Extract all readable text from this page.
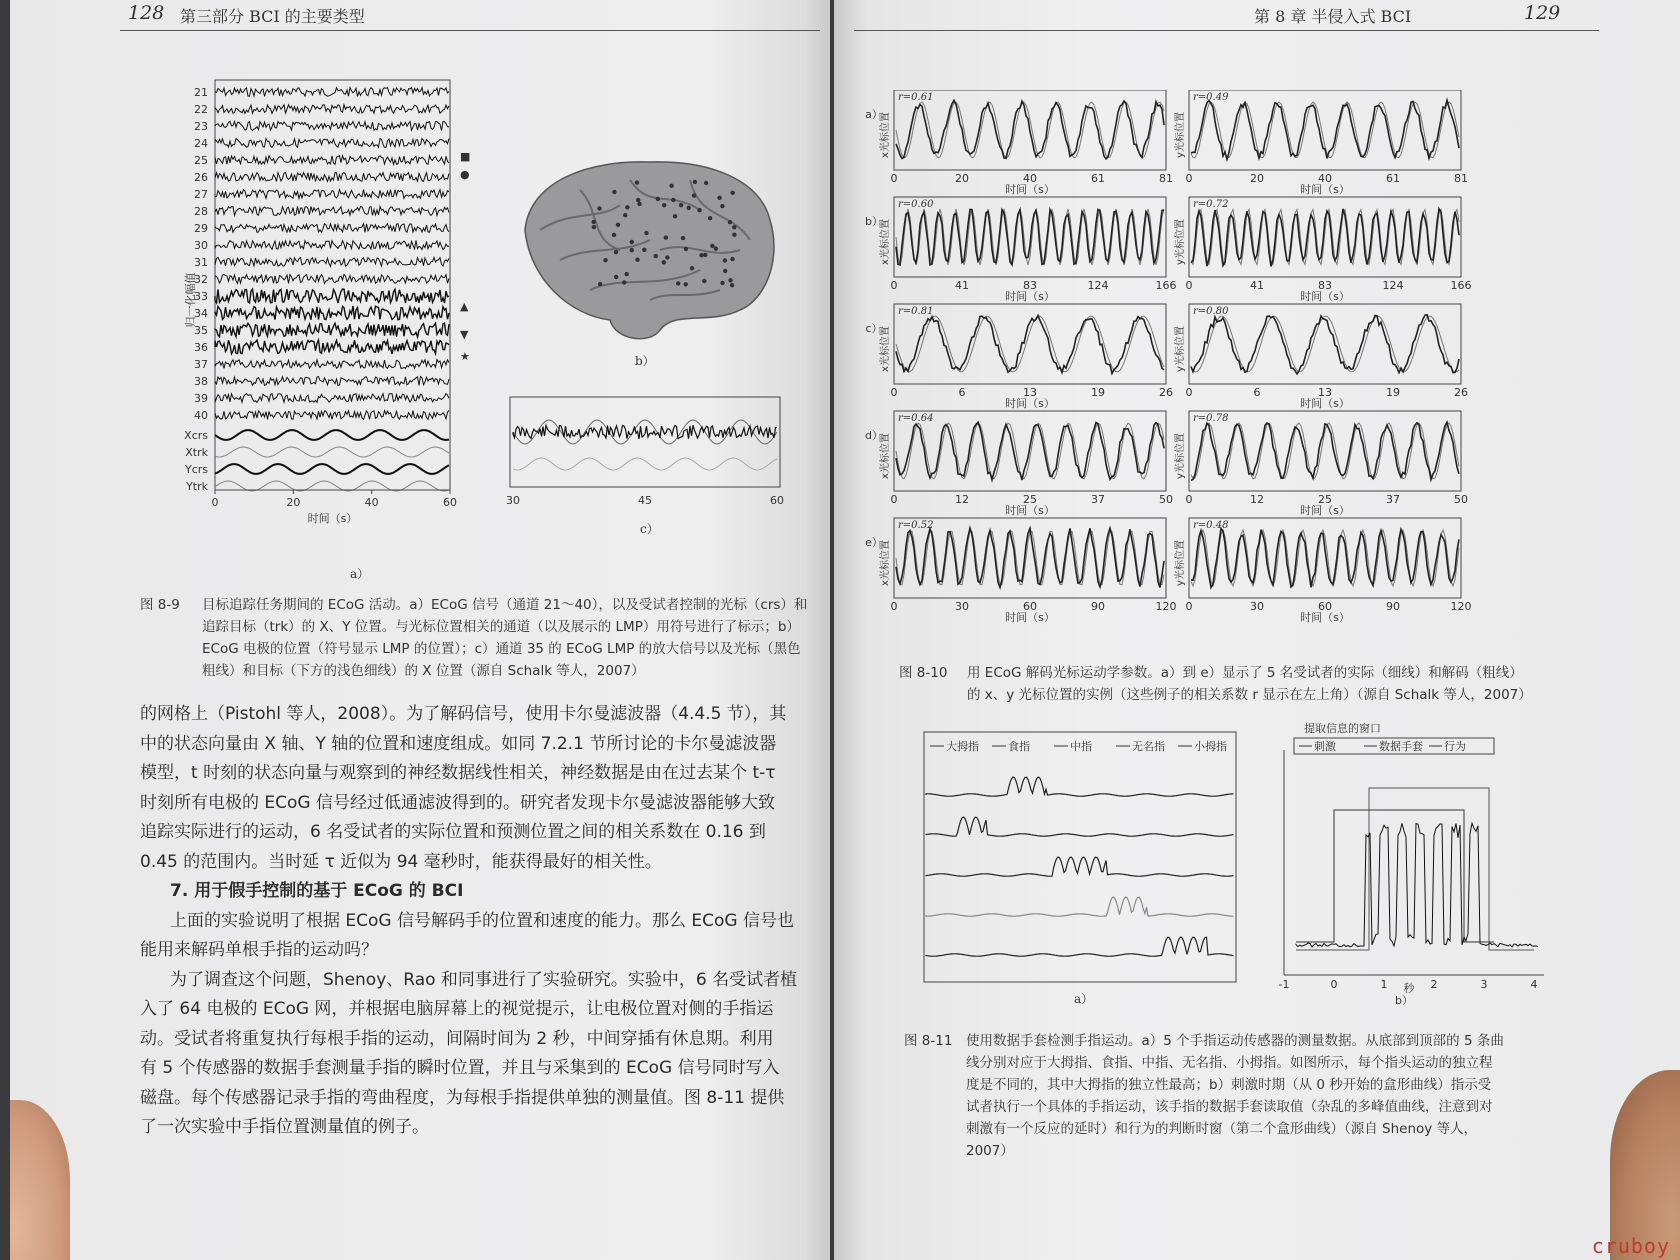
128 第三部分 BCI 的主要类型
21
22
23
24
25
26
27
28
29
30
31
32
33
34
35
36
37
38
39
40
Xcrs
Xtrk
Ycrs
Ytrk
0	20	40	60
时间（s）
归一化幅值
■
●
▲
▼
★
a）
b）
30	45	60
c）
图 8-9 目标追踪任务期间的 ECoG 活动。a）ECoG 信号（通道 21～40），以及受试者控制的光标（crs）和追踪目标（trk）的 X、Y 位置。与光标位置相关的通道（以及展示的 LMP）用符号进行了标示；b）ECoG 电极的位置（符号显示 LMP 的位置）；c）通道 35 的 ECoG LMP 的放大信号以及光标（黑色粗线）和目标（下方的浅色细线）的 X 位置（源自 Schalk 等人，2007）

的网格上（Pistohl 等人，2008）。为了解码信号，使用卡尔曼滤波器（4.4.5 节），其

中的状态向量由 X 轴、Y 轴的位置和速度组成。如同 7.2.1 节所讨论的卡尔曼滤波器

模型，t 时刻的状态向量与观察到的神经数据线性相关，神经数据是由在过去某个 t-τ

时刻所有电极的 ECoG 信号经过低通滤波得到的。研究者发现卡尔曼滤波器能够大致

追踪实际进行的运动，6 名受试者的实际位置和预测位置之间的相关系数在 0.16 到

0.45 的范围内。当时延 τ 近似为 94 毫秒时，能获得最好的相关性。

7. 用于假手控制的基于 ECoG 的 BCI

上面的实验说明了根据 ECoG 信号解码手的位置和速度的能力。那么 ECoG 信号也

能用来解码单根手指的运动吗？

为了调查这个问题，Shenoy、Rao 和同事进行了实验研究。实验中，6 名受试者植

入了 64 电极的 ECoG 网，并根据电脑屏幕上的视觉提示，让电极位置对侧的手指运

动。受试者将重复执行每根手指的运动，间隔时间为 2 秒，中间穿插有休息期。利用

有 5 个传感器的数据手套测量手指的瞬时位置，并且与采集到的 ECoG 信号同时写入

磁盘。每个传感器记录手指的弯曲程度，为每根手指提供单独的测量值。图 8-11 提供

了一次实验中手指位置测量值的例子。

第 8 章 半侵入式 BCI	129
a）
r=0.61
x光标位置
0	20	40	61	81
时间（s）
r=0.49
y光标位置
0	20	40	61	81
时间（s）
b）
r=0.60
x光标位置
0	41	83	124	166
时间（s）
r=0.72
y光标位置
0	41	83	124	166
时间（s）
c）
r=0.81
x光标位置
0	6	13	19	26
时间（s）
r=0.80
y光标位置
0	6	13	19	26
时间（s）
d）
r=0.64
x光标位置
0	12	25	37	50
时间（s）
r=0.78
y光标位置
0	12	25	37	50
时间（s）
e）
r=0.52
x光标位置
0	30	60	90	120
时间（s）
r=0.48
y光标位置
0	30	60	90	120
时间（s）
图 8-10 用 ECoG 解码光标运动学参数。a）到 e）显示了 5 名受试者的实际（细线）和解码（粗线）
的 x、y 光标位置的实例（这些例子的相关系数 r 显示在左上角）（源自 Schalk 等人，2007）
大拇指	食指	中指	无名指	小拇指
a）
提取信息的窗口
刺激	数据手套 行为
-1	0	1	2	3	4
秒
b）
图 8-11 使用数据手套检测手指运动。a）5 个手指运动传感器的测量数据。从底部到顶部的 5 条曲
线分别对应于大拇指、食指、中指、无名指、小拇指。如图所示，每个指头运动的独立程
度是不同的，其中大拇指的独立性最高；b）刺激时期（从 0 秒开始的盒形曲线）指示受
试者执行一个具体的手指运动，该手指的数据手套读取值（杂乱的多峰值曲线，注意到对
刺激有一个反应的延时）和行为的判断时窗（第二个盒形曲线）（源自 Shenoy 等人，
2007）
cruboy
